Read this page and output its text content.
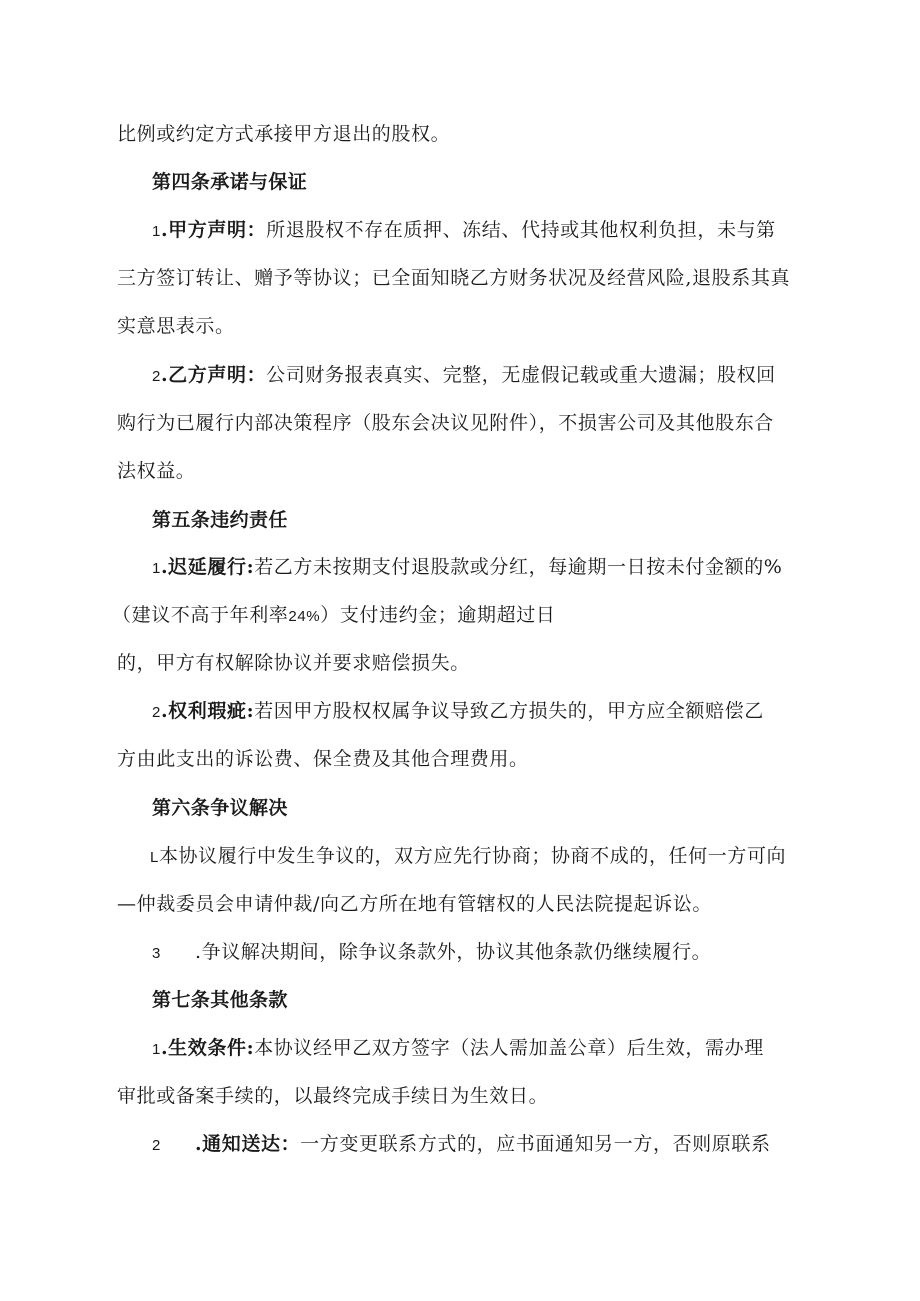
比例或约定方式承接甲方退出的股权。
第四条承诺与保证
1.甲方声明：所退股权不存在质押、冻结、代持或其他权利负担，未与第
三方签订转让、赠予等协议；已全面知晓乙方财务状况及经营风险,退股系其真
实意思表示。
2.乙方声明：公司财务报表真实、完整，无虚假记载或重大遗漏；股权回
购行为已履行内部决策程序（股东会决议见附件），不损害公司及其他股东合
法权益。
第五条违约责任
1.迟延履行:若乙方未按期支付退股款或分红，每逾期一日按未付金额的%
（建议不高于年利率24%）支付违约金；逾期超过日
的，甲方有权解除协议并要求赔偿损失。
2.权利瑕疵:若因甲方股权权属争议导致乙方损失的，甲方应全额赔偿乙
方由此支出的诉讼费、保全费及其他合理费用。
第六条争议解决
L本协议履行中发生争议的，双方应先行协商；协商不成的，任何一方可向
—仲裁委员会申请仲裁/向乙方所在地有管辖权的人民法院提起诉讼。
3 .争议解决期间，除争议条款外，协议其他条款仍继续履行。
第七条其他条款
1.生效条件:本协议经甲乙双方签字（法人需加盖公章）后生效，需办理
审批或备案手续的，以最终完成手续日为生效日。
2 .通知送达：一方变更联系方式的，应书面通知另一方，否则原联系
